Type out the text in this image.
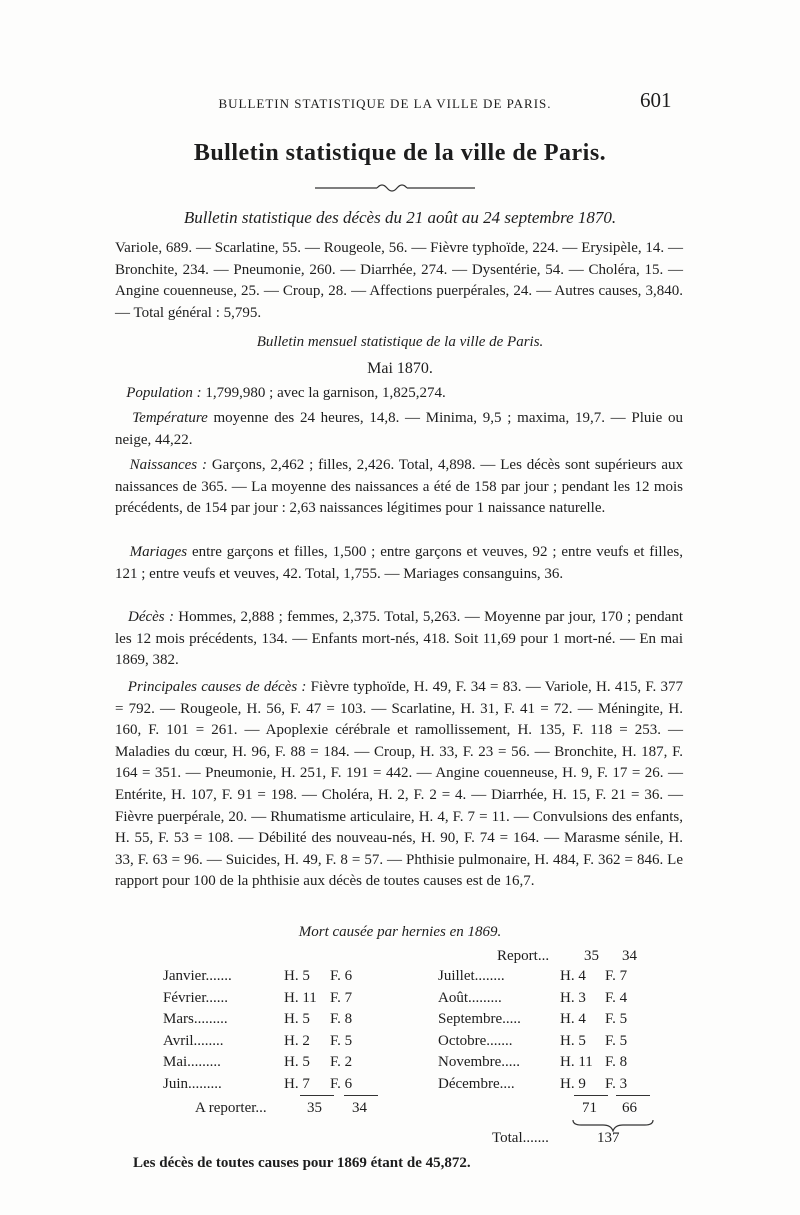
BULLETIN STATISTIQUE DE LA VILLE DE PARIS.	601
Bulletin statistique de la ville de Paris.
Bulletin statistique des décès du 21 août au 24 septembre 1870.
Variole, 689. — Scarlatine, 55. — Rougeole, 56. — Fièvre typhoïde, 224. — Erysipèle, 14. — Bronchite, 234. — Pneumonie, 260. — Diarrhée, 274. — Dysentérie, 54. — Choléra, 15. — Angine couenneuse, 25. — Croup, 28. — Affections puerpérales, 24. — Autres causes, 3,840. — Total général : 5,795.
Bulletin mensuel statistique de la ville de Paris.
Mai 1870.
Population : 1,799,980 ; avec la garnison, 1,825,274.
Température moyenne des 24 heures, 14,8. — Minima, 9,5 ; maxima, 19,7. — Pluie ou neige, 44,22.
Naissances : Garçons, 2,462 ; filles, 2,426. Total, 4,898. — Les décès sont supérieurs aux naissances de 365. — La moyenne des naissances a été de 158 par jour ; pendant les 12 mois précédents, de 154 par jour : 2,63 naissances légitimes pour 1 naissance naturelle.
Mariages entre garçons et filles, 1,500 ; entre garçons et veuves, 92 ; entre veufs et filles, 121 ; entre veufs et veuves, 42. Total, 1,755. — Mariages consanguins, 36.
Décès : Hommes, 2,888 ; femmes, 2,375. Total, 5,263. — Moyenne par jour, 170 ; pendant les 12 mois précédents, 134. — Enfants mort-nés, 418. Soit 11,69 pour 1 mort-né. — En mai 1869, 382.
Principales causes de décès : Fièvre typhoïde, H. 49, F. 34 = 83. — Variole, H. 415, F. 377 = 792. — Rougeole, H. 56, F. 47 = 103. — Scarlatine, H. 31, F. 41 = 72. — Méningite, H. 160, F. 101 = 261. — Apoplexie cérébrale et ramollissement, H. 135, F. 118 = 253. — Maladies du cœur, H. 96, F. 88 = 184. — Croup, H. 33, F. 23 = 56. — Bronchite, H. 187, F. 164 = 351. — Pneumonie, H. 251, F. 191 = 442. — Angine couenneuse, H. 9, F. 17 = 26. — Entérite, H. 107, F. 91 = 198. — Choléra, H. 2, F. 2 = 4. — Diarrhée, H. 15, F. 21 = 36. — Fièvre puerpérale, 20. — Rhumatisme articulaire, H. 4, F. 7 = 11. — Convulsions des enfants, H. 55, F. 53 = 108. — Débilité des nouveau-nés, H. 90, F. 74 = 164. — Marasme sénile, H. 33, F. 63 = 96. — Suicides, H. 49, F. 8 = 57. — Phthisie pulmonaire, H. 484, F. 362 = 846. Le rapport pour 100 de la phthisie aux décès de toutes causes est de 16,7.
Mort causée par hernies en 1869.
Report... 35 34
Janvier.......	H. 5 F. 6
Février......	H. 11 F. 7
Mars.........	H. 5 F. 8
Avril........	H. 2 F. 5
Mai.........	H. 5 F. 2
Juin.........	H. 7 F. 6
Juillet........	H. 4 F. 7
Août.........	H. 3 F. 4
Septembre.....	H. 4 F. 5
Octobre.......	H. 5 F. 5
Novembre.....	H. 11 F. 8
Décembre....	H. 9 F. 3
A reporter...	35 34	71 66
Total.......	137
Les décès de toutes causes pour 1869 étant de 45,872.
